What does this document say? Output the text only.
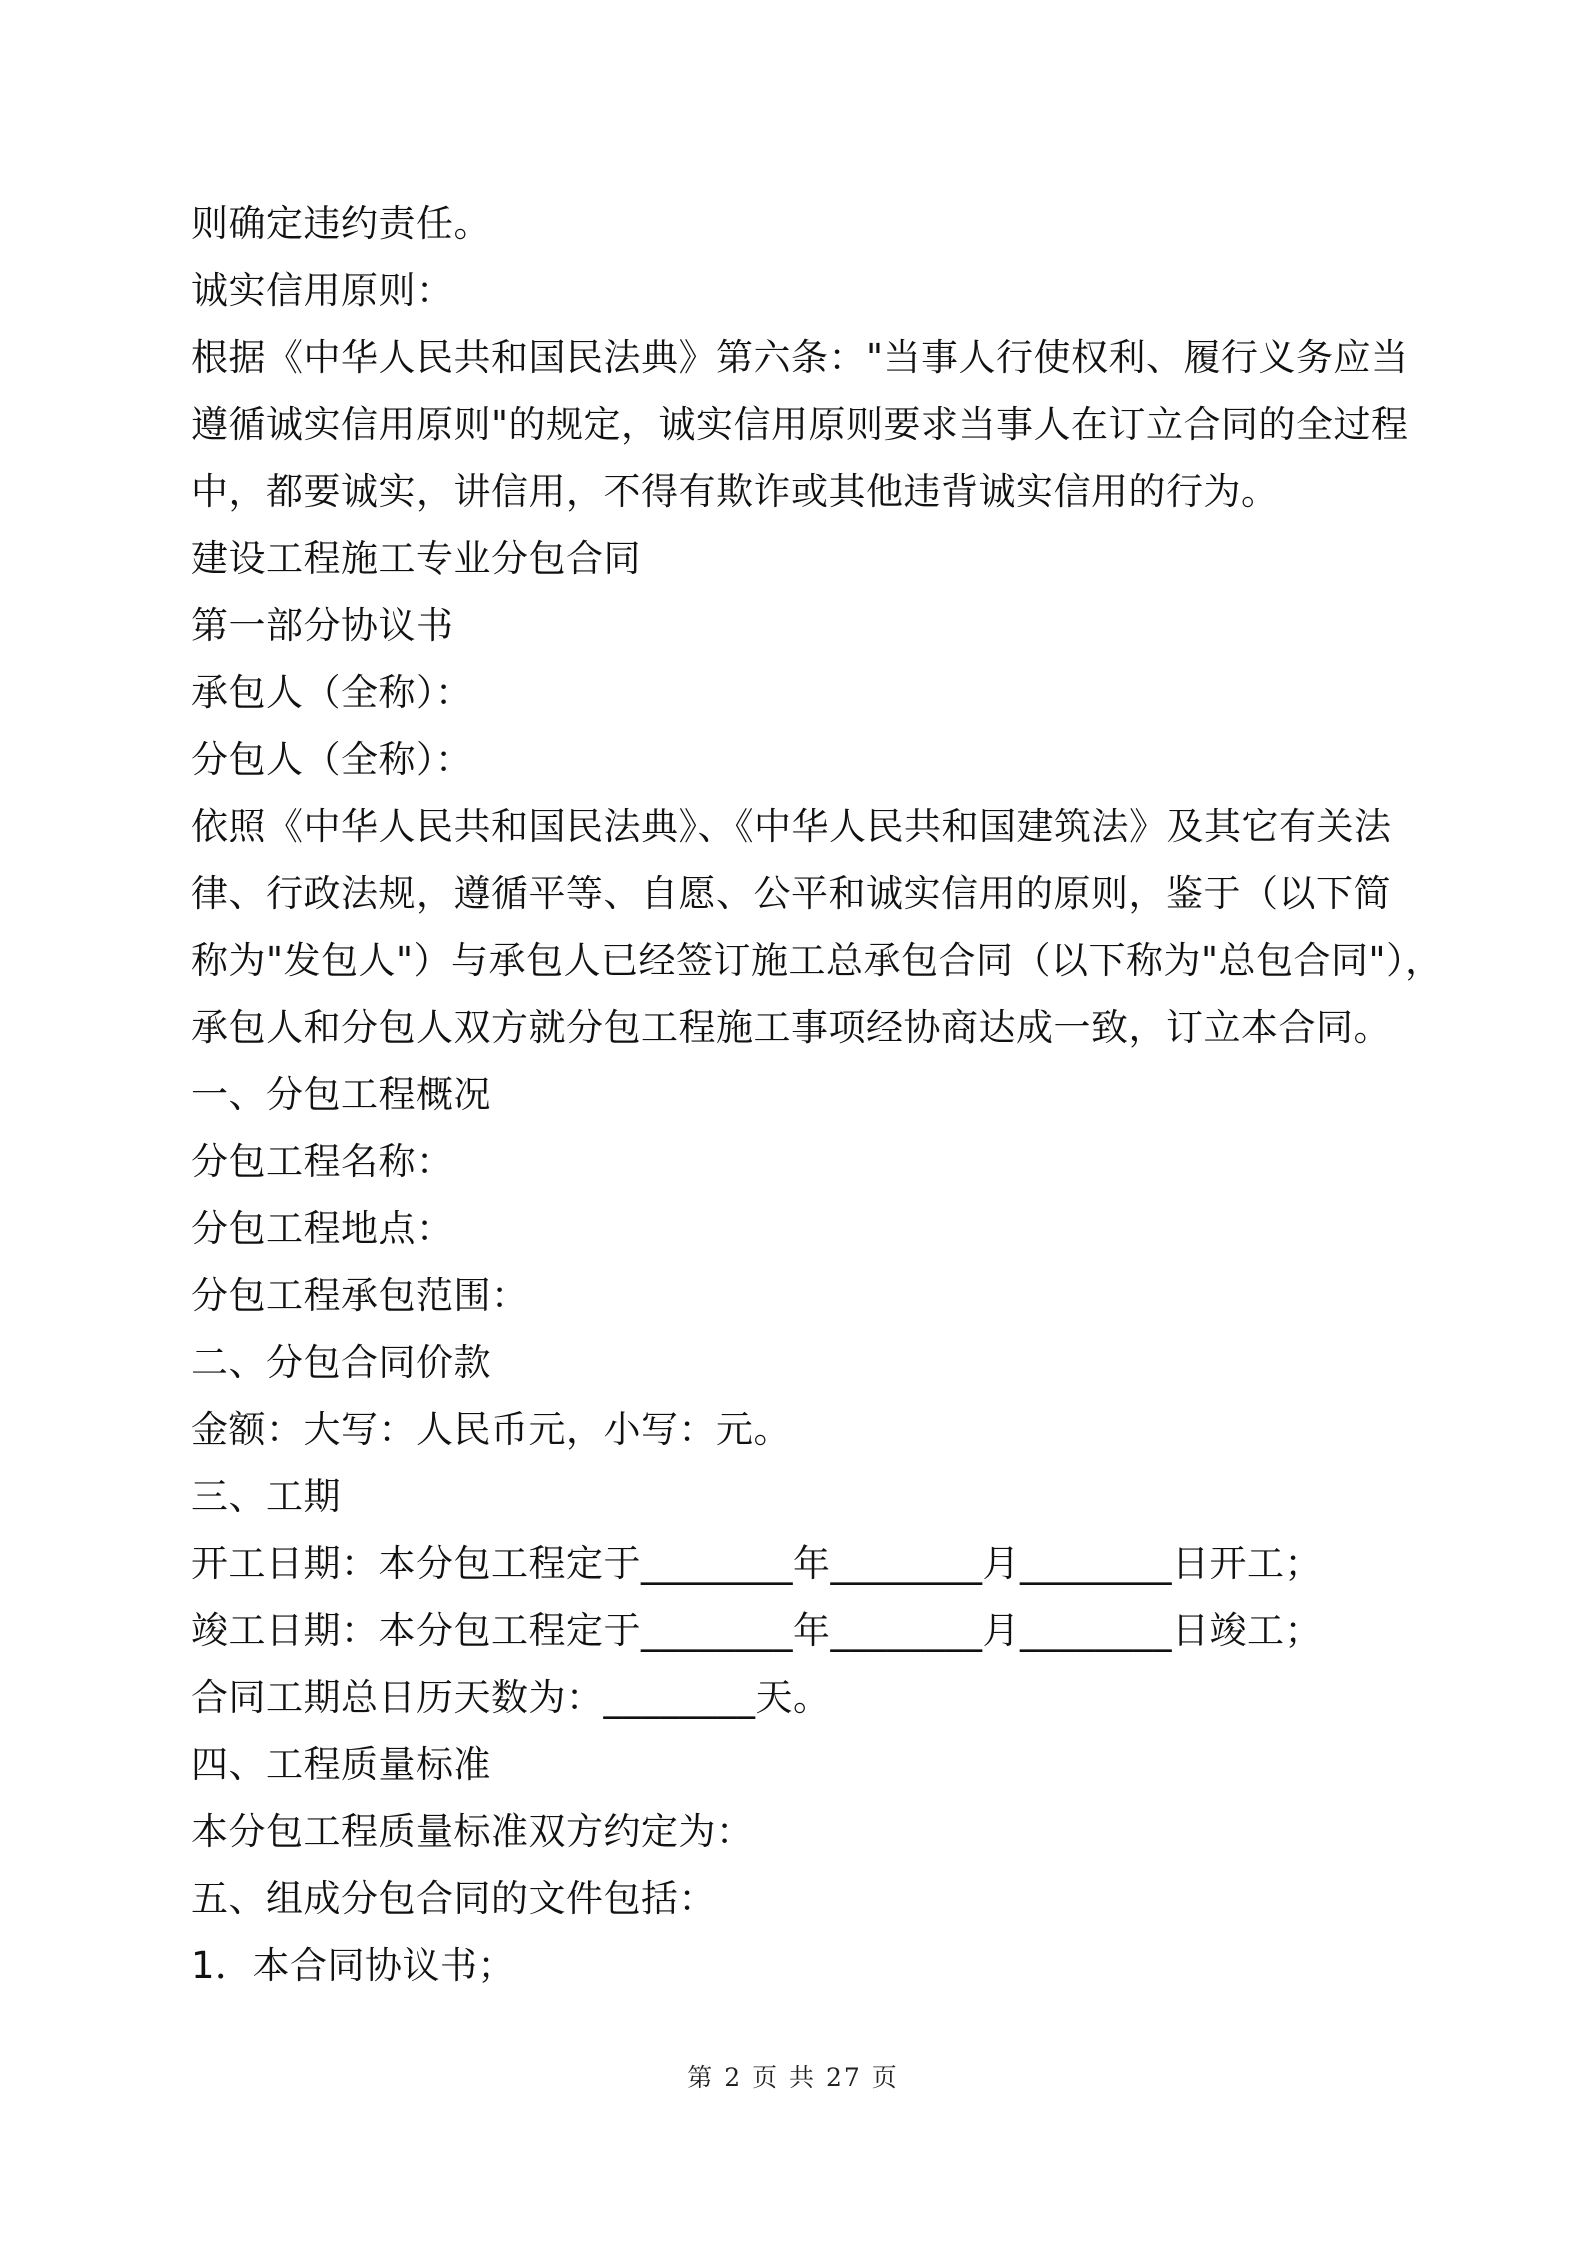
则确定违约责任。
诚实信用原则：
根据《中华人民共和国民法典》第六条："当事人行使权利、履行义务应当
遵循诚实信用原则"的规定，诚实信用原则要求当事人在订立合同的全过程
中，都要诚实，讲信用，不得有欺诈或其他违背诚实信用的行为。
建设工程施工专业分包合同
第一部分协议书
承包人（全称）：
分包人（全称）：
依照《中华人民共和国民法典》、《中华人民共和国建筑法》及其它有关法
律、行政法规，遵循平等、自愿、公平和诚实信用的原则，鉴于（以下简
称为"发包人"）与承包人已经签订施工总承包合同（以下称为"总包合同"），
承包人和分包人双方就分包工程施工事项经协商达成一致，订立本合同。
一、分包工程概况
分包工程名称：
分包工程地点：
分包工程承包范围：
二、分包合同价款
金额：大写：人民币元，小写：元。
三、工期
开工日期：本分包工程定于________年________月________日开工；
竣工日期：本分包工程定于________年________月________日竣工；
合同工期总日历天数为：________天。
四、工程质量标准
本分包工程质量标准双方约定为：
五、组成分包合同的文件包括：
1．本合同协议书；
第 2 页 共 27 页
